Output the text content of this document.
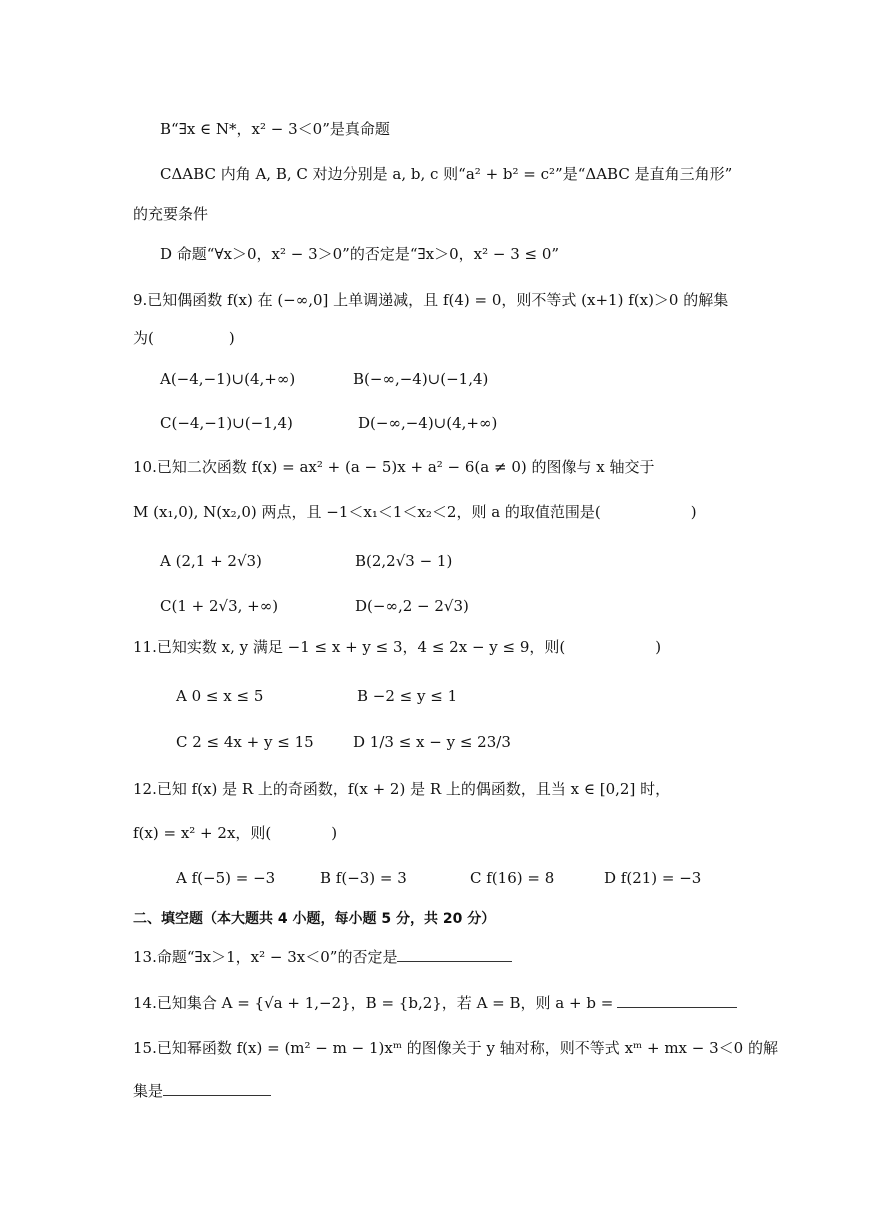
B“∃x ∈ N*，x² − 3＜0”是真命题
CΔABC 内角 A, B, C 对边分别是 a, b, c 则“a² + b² = c²”是“ΔABC 是直角三角形”
的充要条件
D 命题“∀x＞0，x² − 3＞0”的否定是“∃x＞0，x² − 3 ≤ 0”
9.已知偶函数 f(x) 在 (−∞,0] 上单调递减，且 f(4) = 0，则不等式 (x+1) f(x)＞0 的解集
为(　　　　　)
A(−4,−1)∪(4,+∞)	B(−∞,−4)∪(−1,4)
C(−4,−1)∪(−1,4)	D(−∞,−4)∪(4,+∞)
10.已知二次函数 f(x) = ax² + (a − 5)x + a² − 6(a ≠ 0) 的图像与 x 轴交于
M (x₁,0), N(x₂,0) 两点，且 −1＜x₁＜1＜x₂＜2，则 a 的取值范围是(　　　　　　)
A (2,1 + 2√3)	B(2,2√3 − 1)
C(1 + 2√3, +∞)	D(−∞,2 − 2√3)
11.已知实数 x, y 满足 −1 ≤ x + y ≤ 3，4 ≤ 2x − y ≤ 9，则(　　　　　　)
A 0 ≤ x ≤ 5	B −2 ≤ y ≤ 1
C 2 ≤ 4x + y ≤ 15	D 1/3 ≤ x − y ≤ 23/3
12.已知 f(x) 是 R 上的奇函数，f(x + 2) 是 R 上的偶函数，且当 x ∈ [0,2] 时，
f(x) = x² + 2x，则(　　　　)
A f(−5) = −3	B f(−3) = 3	C f(16) = 8	D f(21) = −3
二、填空题（本大题共 4 小题，每小题 5 分，共 20 分）
13.命题“∃x＞1，x² − 3x＜0”的否定是
14.已知集合 A = {√a + 1,−2}，B = {b,2}，若 A = B，则 a + b =
15.已知幂函数 f(x) = (m² − m − 1)xᵐ 的图像关于 y 轴对称，则不等式 xᵐ + mx − 3＜0 的解
集是
